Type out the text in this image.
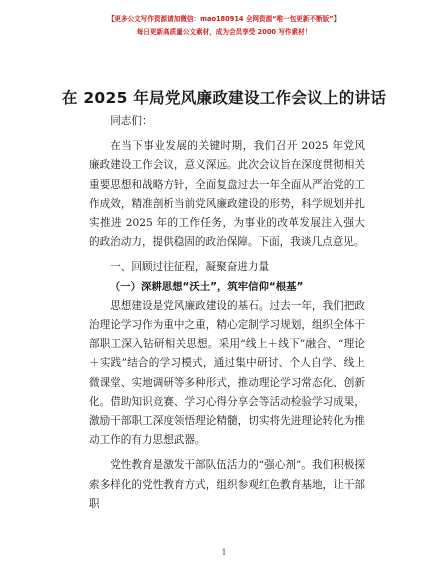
【更多公文写作资源请加微信：mao180914 全网资源“唯一包更新不断版”】
每日更新高质量公文素材，成为会员享受 2000 写作素材！
在 2025 年局党风廉政建设工作会议上的讲话

同志们：

在当下事业发展的关键时期，我们召开 2025 年党风廉政建设工作会议，意义深远。此次会议旨在深度贯彻相关重要思想和战略方针，全面复盘过去一年全面从严治党的工作成效，精准剖析当前党风廉政建设的形势，科学规划并扎实推进 2025 年的工作任务，为事业的改革发展注入强大的政治动力，提供稳固的政治保障。下面，我谈几点意见。

一、回顾过往征程，凝聚奋进力量

（一）深耕思想“沃土”，筑牢信仰“根基”

思想建设是党风廉政建设的基石。过去一年，我们把政治理论学习作为重中之重，精心定制学习规划，组织全体干部职工深入钻研相关思想。采用“线上＋线下”融合、“理论＋实践”结合的学习模式，通过集中研讨、个人自学、线上微课堂、实地调研等多种形式，推动理论学习常态化、创新化。借助知识竞赛、学习心得分享会等活动检验学习成果，激励干部职工深度领悟理论精髓，切实将先进理论转化为推动工作的有力思想武器。

党性教育是激发干部队伍活力的“强心剂”。我们积极探索多样化的党性教育方式，组织参观红色教育基地，让干部职

1
